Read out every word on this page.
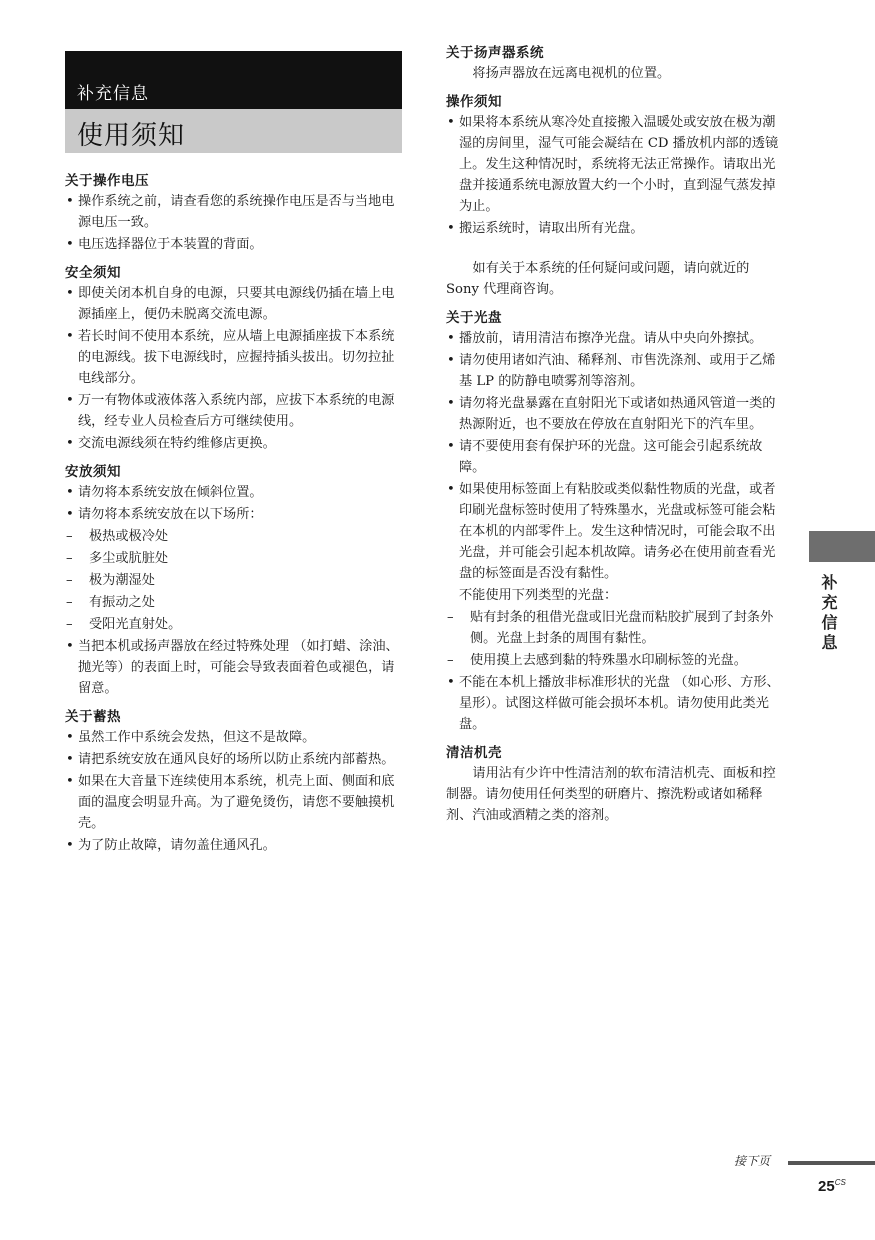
补充信息
使用须知
关于操作电压
• 操作系统之前，请查看您的系统操作电压是否与当地电源电压一致。
• 电压选择器位于本装置的背面。
安全须知
• 即使关闭本机自身的电源，只要其电源线仍插在墙上电源插座上，便仍未脱离交流电源。
• 若长时间不使用本系统，应从墙上电源插座拔下本系统的电源线。拔下电源线时，应握持插头拔出。切勿拉扯电线部分。
• 万一有物体或液体落入系统内部，应拔下本系统的电源线，经专业人员检查后方可继续使用。
• 交流电源线须在特约维修店更换。
安放须知
• 请勿将本系统安放在倾斜位置。
• 请勿将本系统安放在以下场所：
– 极热或极冷处
– 多尘或肮脏处
– 极为潮湿处
– 有振动之处
– 受阳光直射处。
• 当把本机或扬声器放在经过特殊处理 （如打蜡、涂油、抛光等）的表面上时，可能会导致表面着色或褪色，请留意。
关于蓄热
• 虽然工作中系统会发热，但这不是故障。
• 请把系统安放在通风良好的场所以防止系统内部蓄热。
• 如果在大音量下连续使用本系统，机壳上面、侧面和底面的温度会明显升高。为了避免烫伤，请您不要触摸机壳。
• 为了防止故障，请勿盖住通风孔。
关于扬声器系统

将扬声器放在远离电视机的位置。

操作须知
• 如果将本系统从寒冷处直接搬入温暖处或安放在极为潮湿的房间里，湿气可能会凝结在 CD 播放机内部的透镜上。发生这种情况时，系统将无法正常操作。请取出光盘并接通系统电源放置大约一个小时，直到湿气蒸发掉为止。
• 搬运系统时，请取出所有光盘。

如有关于本系统的任何疑问或问题，请向就近的 Sony 代理商咨询。

关于光盘
• 播放前，请用清洁布擦净光盘。请从中央向外擦拭。
• 请勿使用诸如汽油、稀释剂、市售洗涤剂、或用于乙烯基 LP 的防静电喷雾剂等溶剂。
• 请勿将光盘暴露在直射阳光下或诸如热通风管道一类的热源附近，也不要放在停放在直射阳光下的汽车里。
• 请不要使用套有保护环的光盘。这可能会引起系统故障。
• 如果使用标签面上有粘胶或类似黏性物质的光盘，或者印刷光盘标签时使用了特殊墨水，光盘或标签可能会粘在本机的内部零件上。发生这种情况时，可能会取不出光盘，并可能会引起本机故障。请务必在使用前查看光盘的标签面是否没有黏性。
不能使用下列类型的光盘：
– 贴有封条的租借光盘或旧光盘而粘胶扩展到了封条外侧。光盘上封条的周围有黏性。
– 使用摸上去感到黏的特殊墨水印刷标签的光盘。
• 不能在本机上播放非标准形状的光盘 （如心形、方形、星形）。试图这样做可能会损坏本机。请勿使用此类光盘。
清洁机壳

请用沾有少许中性清洁剂的软布清洁机壳、面板和控制器。请勿使用任何类型的研磨片、擦洗粉或诸如稀释剂、汽油或酒精之类的溶剂。

补充信息
接下页
$25^{CS}$
